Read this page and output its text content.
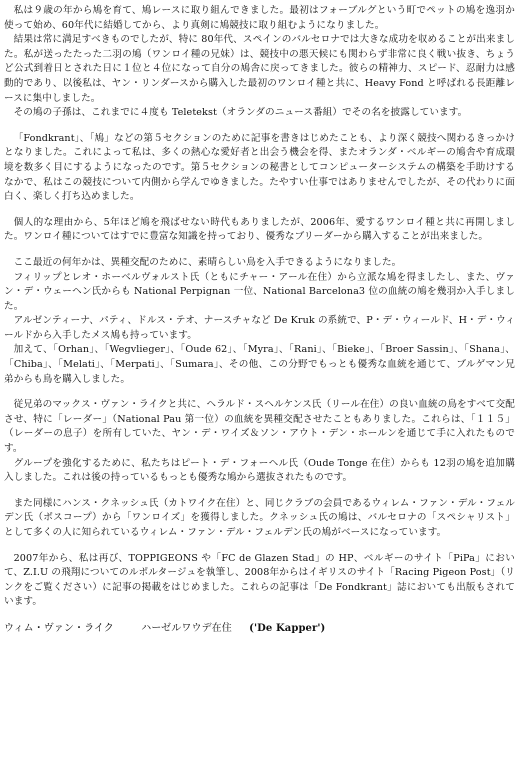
私は９歳の年から鳩を育て、鳩レースに取り組んできました。最初はフォーブルグという町でペットの鳩を逸羽か使って始め、60年代に結婚してから、より真剣に鳩競技に取り組むようになりました。

結果は常に満足すべきものでしたが、特に 80年代、スペインのバルセロナでは大きな成功を収めることが出来ました。私が送ったたった二羽の鳩（ワンロイ種の兄妹）は、競技中の悪天候にも関わらず非常に良く戦い抜き、ちょうど公式到着日とされた日に１位と４位になって自分の鳩舎に戻ってきました。彼らの精神力、スピード、忍耐力は感動的であり、以後私は、ヤン・リンダースから購入した最初のワンロイ種と共に、Heavy Fond と呼ばれる長距離レースに集中しました。

その鳩の子孫は、これまでに４度も Teletekst（オランダのニュース番組）でその名を披露しています。

「Fondkrant」、「鳩」などの第５セクションのために記事を書きはじめたことも、より深く競技へ関わるきっかけとなりました。これによって私は、多くの熱心な愛好者と出会う機会を得、またオランダ・ベルギーの鳩舎や育成環境を数多く目にするようになったのです。第５セクションの秘書としてコンピューターシステムの構築を手助けするなかで、私はこの競技について内側から学んでゆきました。たやすい仕事ではありませんでしたが、その代わりに面白く、楽しく打ち込めました。

個人的な理由から、5年ほど鳩を飛ばせない時代もありましたが、2006年、愛するワンロイ種と共に再開しました。ワンロイ種についてはすでに豊富な知識を持っており、優秀なブリーダーから購入することが出来ました。

ここ最近の何年かは、異種交配のために、素晴らしい鳥を入手できるようになりました。

フィリップとレオ・ホーベルヴォルスト氏（ともにチャー・アール在住）から立派な鳩を得ましたし、また、ヴァン・デ・ウェーヘン氏からも National Perpignan 一位、National Barcelona3 位の血統の鳩を幾羽か入手しました。

アルゼンティーナ、パティ、ドルス・テオ、ナースチャなど De Kruk の系統で、P・デ・ウィールド、H・デ・ウィールドから入手したメス鳩も持っています。

加えて、「Orhan」、「Wegvlieger」、「Oude 62」、「Myra」、「Rani」、「Bieke」、「Broer Sassin」、「Shana」、「Chiba」、「Melati」、「Merpati」、「Sumara」、その他、この分野でもっとも優秀な血統を通じて、ブルゲマン兄弟からも鳥を購入しました。

従兄弟のマックス・ヴァン・ライクと共に、ヘラルド・スヘルケンス氏（リール在住）の良い血統の鳥をすべて交配させ、特に「レーダー」（National Pau 第一位）の血統を異種交配させたこともありました。これらは、「１１５」（レーダーの息子）を所有していた、ヤン・デ・ワイズ＆ソン・アウト・デン・ホールンを通じて手に入れたものです。

グループを強化するために、私たちはピート・デ・フォーヘル氏（Oude Tonge 在住）からも 12羽の鳩を追加購入しました。これは後の持っているもっとも優秀な鳩から選抜されたものです。

また同様にハンス・クネッシュ氏（カトワイク在住）と、同じクラブの会員であるウィレム・ファン・デル・フェルデン氏（ボスコープ）から「ワンロイズ」を獲得しました。クネッシュ氏の鳩は、バルセロナの「スペシャリスト」として多くの人に知られているウィレム・ファン・デル・フェルデン氏の鳩がベースになっています。

2007年から、私は再び、TOPPIGEONS や「FC de Glazen Stad」の HP、ベルギーのサイト「PiPa」において、Z.I.U の飛翔についてのルポルタージュを執筆し、2008年からはイギリスのサイト「Racing Pigeon Post」（リンクをご覧ください）に記事の掲載をはじめました。これらの記事は「De Fondkrant」誌においても出版もされています。

ウィム・ヴァン・ライク	ハーゼルワウデ在住 ('De Kapper')
